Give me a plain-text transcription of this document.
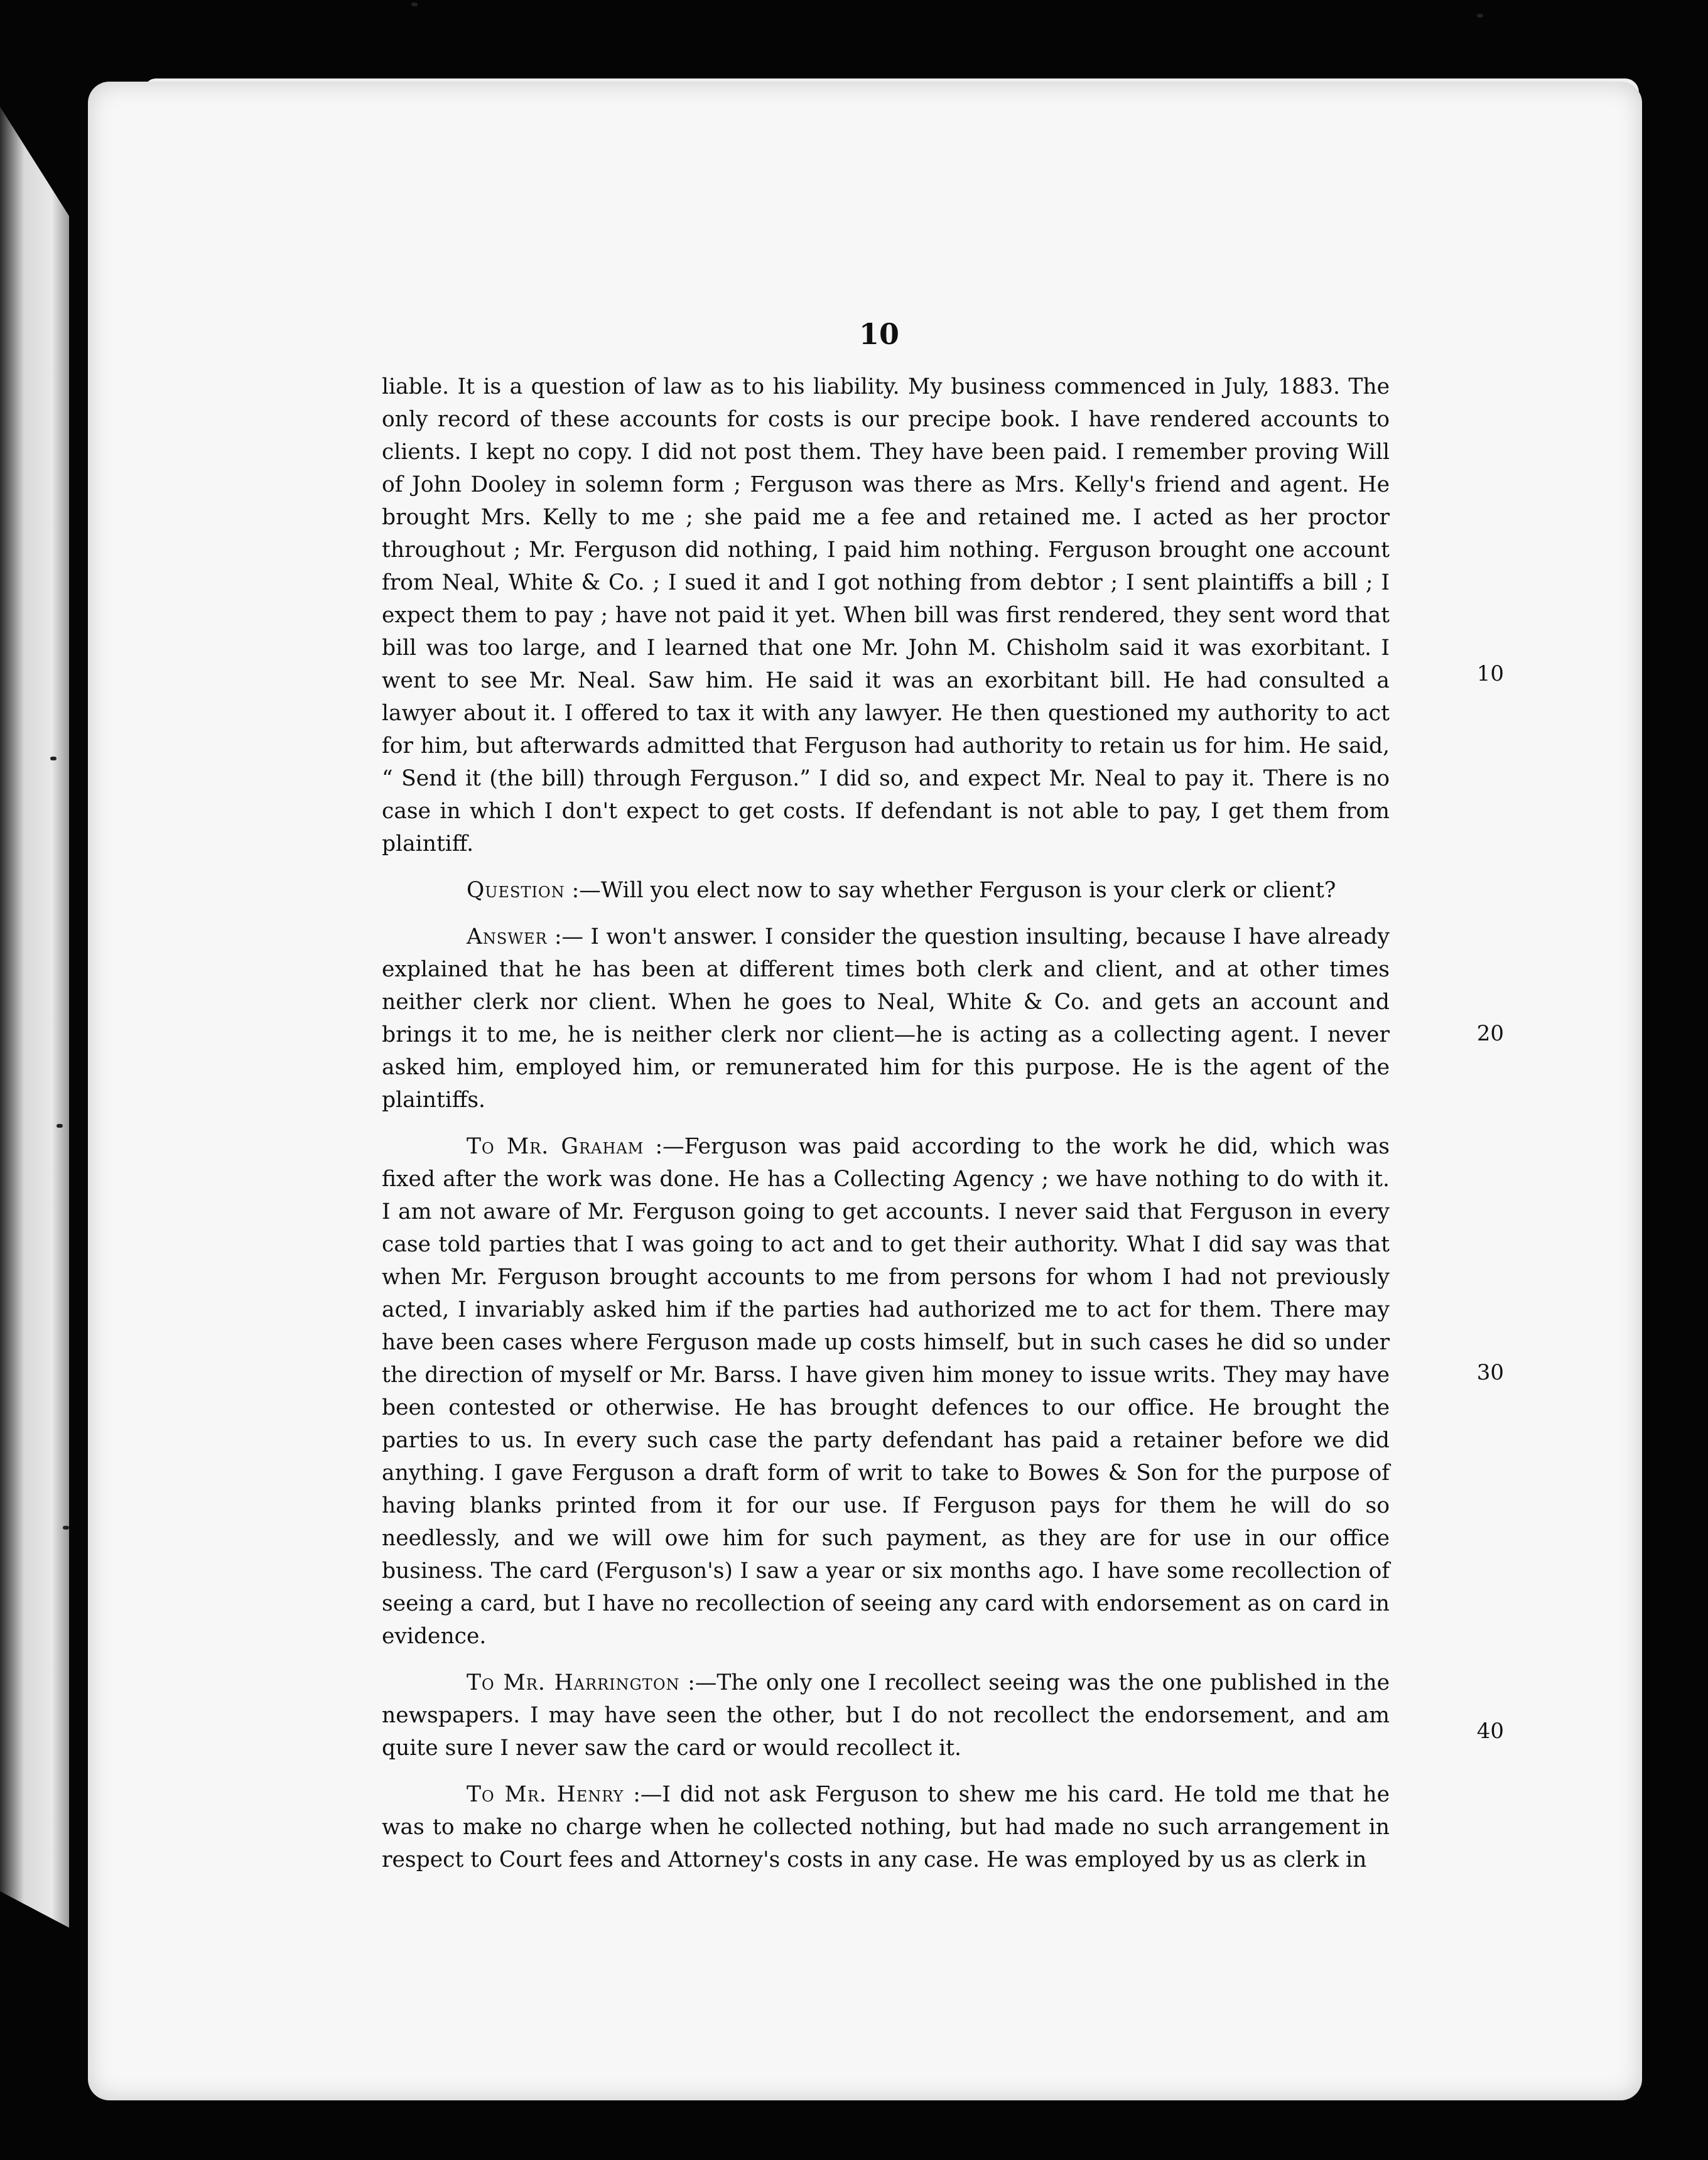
10
10
20
30
40

liable. It is a question of law as to his liability. My business commenced in July, 1883. The only record of these accounts for costs is our precipe book. I have rendered accounts to clients. I kept no copy. I did not post them. They have been paid. I remember proving Will of John Dooley in solemn form ; Ferguson was there as Mrs. Kelly's friend and agent. He brought Mrs. Kelly to me ; she paid me a fee and retained me. I acted as her proctor throughout ; Mr. Ferguson did nothing, I paid him nothing. Ferguson brought one account from Neal, White & Co. ; I sued it and I got nothing from debtor ; I sent plaintiffs a bill ; I expect them to pay ; have not paid it yet. When bill was first rendered, they sent word that bill was too large, and I learned that one Mr. John M. Chisholm said it was exorbitant. I went to see Mr. Neal. Saw him. He said it was an exorbitant bill. He had consulted a lawyer about it. I offered to tax it with any lawyer. He then questioned my authority to act for him, but afterwards admitted that Ferguson had authority to retain us for him. He said, “ Send it (the bill) through Ferguson.” I did so, and expect Mr. Neal to pay it. There is no case in which I don't expect to get costs. If defendant is not able to pay, I get them from plaintiff.

Question :—Will you elect now to say whether Ferguson is your clerk or client?

Answer :— I won't answer. I consider the question insulting, because I have already explained that he has been at different times both clerk and client, and at other times neither clerk nor client. When he goes to Neal, White & Co. and gets an account and brings it to me, he is neither clerk nor client—he is acting as a collecting agent. I never asked him, employed him, or remunerated him for this purpose. He is the agent of the plaintiffs.

To Mr. Graham :—Ferguson was paid according to the work he did, which was fixed after the work was done. He has a Collecting Agency ; we have nothing to do with it. I am not aware of Mr. Ferguson going to get accounts. I never said that Ferguson in every case told parties that I was going to act and to get their authority. What I did say was that when Mr. Ferguson brought accounts to me from persons for whom I had not previously acted, I invariably asked him if the parties had authorized me to act for them. There may have been cases where Ferguson made up costs himself, but in such cases he did so under the direction of myself or Mr. Barss. I have given him money to issue writs. They may have been contested or otherwise. He has brought defences to our office. He brought the parties to us. In every such case the party defendant has paid a retainer before we did anything. I gave Ferguson a draft form of writ to take to Bowes & Son for the purpose of having blanks printed from it for our use. If Ferguson pays for them he will do so needlessly, and we will owe him for such payment, as they are for use in our office business. The card (Ferguson's) I saw a year or six months ago. I have some recollection of seeing a card, but I have no recollection of seeing any card with endorsement as on card in evidence.

To Mr. Harrington :—The only one I recollect seeing was the one published in the newspapers. I may have seen the other, but I do not recollect the endorsement, and am quite sure I never saw the card or would recollect it.

To Mr. Henry :—I did not ask Ferguson to shew me his card. He told me that he was to make no charge when he collected nothing, but had made no such arrangement in respect to Court fees and Attorney's costs in any case. He was employed by us as clerk in
